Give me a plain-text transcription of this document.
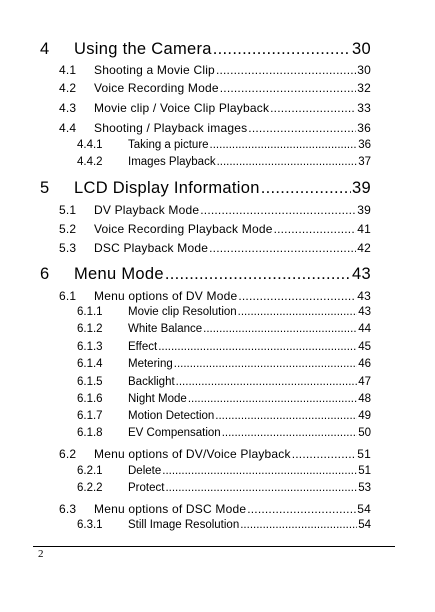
4	Using the Camera .....	30
4.1	Shooting a Movie Clip .....	30
4.2	Voice Recording Mode .....	32
4.3	Movie clip / Voice Clip Playback .....	33
4.4	Shooting / Playback images .....	36
4.4.1	Taking a picture .....	36
4.4.2	Images Playback .....	37
5	LCD Display Information .....	39
5.1	DV Playback Mode .....	39
5.2	Voice Recording Playback Mode .....	41
5.3	DSC Playback Mode .....	42
6	Menu Mode .....	43
6.1	Menu options of DV Mode .....	43
6.1.1	Movie clip Resolution .....	43
6.1.2	White Balance .....	44
6.1.3	Effect .....	45
6.1.4	Metering .....	46
6.1.5	Backlight .....	47
6.1.6	Night Mode .....	48
6.1.7	Motion Detection .....	49
6.1.8	EV Compensation .....	50
6.2	Menu options of DV/Voice Playback .....	51
6.2.1	Delete .....	51
6.2.2	Protect .....	53
6.3	Menu options of DSC Mode .....	54
6.3.1	Still Image Resolution .....	54
2
